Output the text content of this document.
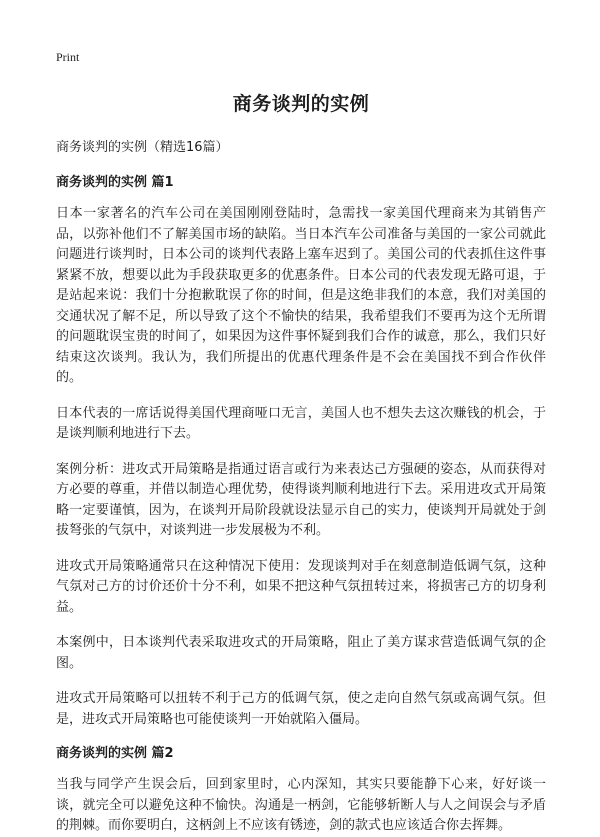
Print
商务谈判的实例

商务谈判的实例（精选16篇）

商务谈判的实例 篇1

日本一家著名的汽车公司在美国刚刚登陆时，急需找一家美国代理商来为其销售产品，以弥补他们不了解美国市场的缺陷。当日本汽车公司准备与美国的一家公司就此问题进行谈判时，日本公司的谈判代表路上塞车迟到了。美国公司的代表抓住这件事紧紧不放，想要以此为手段获取更多的优惠条件。日本公司的代表发现无路可退，于是站起来说：我们十分抱歉耽误了你的时间，但是这绝非我们的本意，我们对美国的交通状况了解不足，所以导致了这个不愉快的结果，我希望我们不要再为这个无所谓的问题耽误宝贵的时间了，如果因为这件事怀疑到我们合作的诚意，那么，我们只好结束这次谈判。我认为，我们所提出的优惠代理条件是不会在美国找不到合作伙伴的。

日本代表的一席话说得美国代理商哑口无言，美国人也不想失去这次赚钱的机会，于是谈判顺利地进行下去。

案例分析：进攻式开局策略是指通过语言或行为来表达己方强硬的姿态，从而获得对方必要的尊重，并借以制造心理优势，使得谈判顺利地进行下去。采用进攻式开局策略一定要谨慎，因为，在谈判开局阶段就设法显示自己的实力，使谈判开局就处于剑拔弩张的气氛中，对谈判进一步发展极为不利。

进攻式开局策略通常只在这种情况下使用：发现谈判对手在刻意制造低调气氛，这种气氛对己方的讨价还价十分不利，如果不把这种气氛扭转过来，将损害己方的切身利益。

本案例中，日本谈判代表采取进攻式的开局策略，阻止了美方谋求营造低调气氛的企图。

进攻式开局策略可以扭转不利于己方的低调气氛，使之走向自然气氛或高调气氛。但是，进攻式开局策略也可能使谈判一开始就陷入僵局。

商务谈判的实例 篇2

当我与同学产生误会后，回到家里时，心内深知，其实只要能静下心来，好好谈一谈，就完全可以避免这种不愉快。沟通是一柄剑，它能够斩断人与人之间误会与矛盾的荆棘。而你要明白，这柄剑上不应该有锈迹，剑的款式也应该适合你去挥舞。
